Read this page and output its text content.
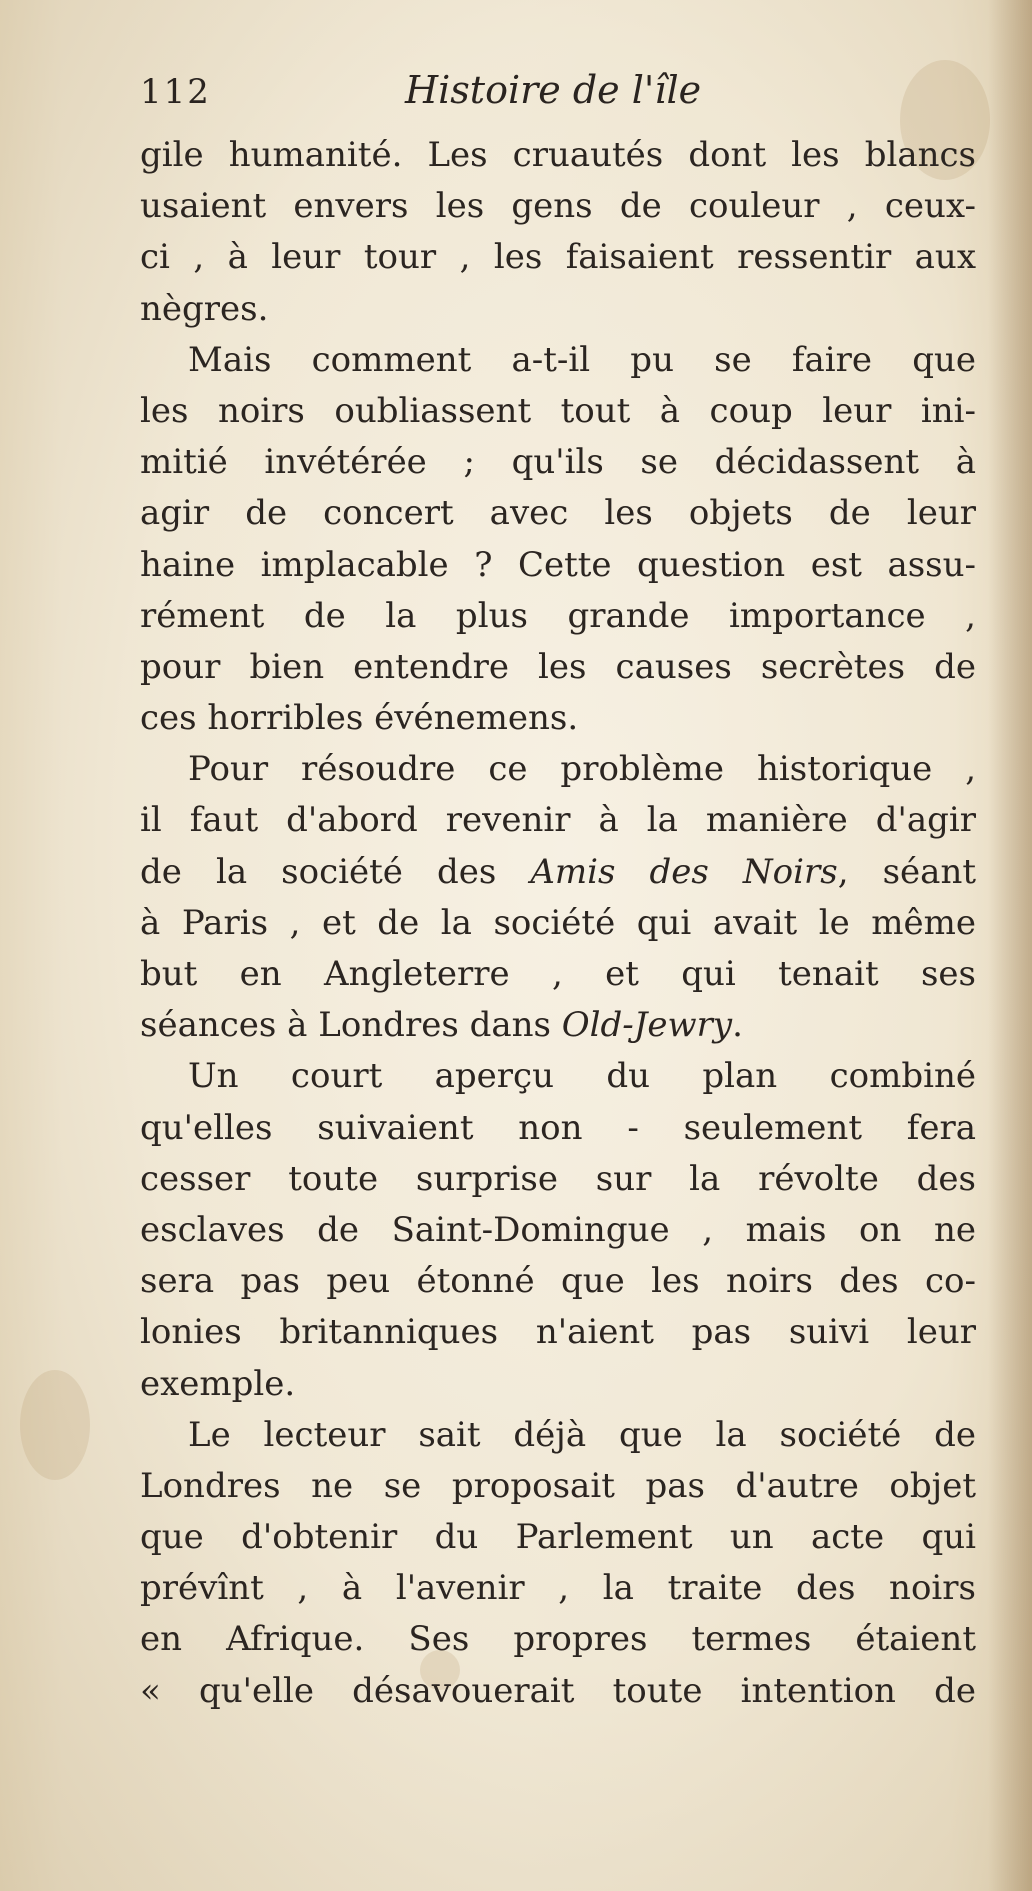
112	Histoire de l'île
gile humanité. Les cruautés dont les blancs
usaient envers les gens de couleur , ceux-
ci , à leur tour , les faisaient ressentir aux
nègres.
Mais comment a-t-il pu se faire que
les noirs oubliassent tout à coup leur ini-
mitié invétérée ; qu'ils se décidassent à
agir de concert avec les objets de leur
haine implacable ? Cette question est assu-
rément de la plus grande importance ,
pour bien entendre les causes secrètes de
ces horribles événemens.
Pour résoudre ce problème historique ,
il faut d'abord revenir à la manière d'agir
de la société des Amis des Noirs, séant
à Paris , et de la société qui avait le même
but en Angleterre , et qui tenait ses
séances à Londres dans Old-Jewry.
Un court aperçu du plan combiné
qu'elles suivaient non - seulement fera
cesser toute surprise sur la révolte des
esclaves de Saint-Domingue , mais on ne
sera pas peu étonné que les noirs des co-
lonies britanniques n'aient pas suivi leur
exemple.
Le lecteur sait déjà que la société de
Londres ne se proposait pas d'autre objet
que d'obtenir du Parlement un acte qui
prévînt , à l'avenir , la traite des noirs
en Afrique. Ses propres termes étaient
« qu'elle désavouerait toute intention de
